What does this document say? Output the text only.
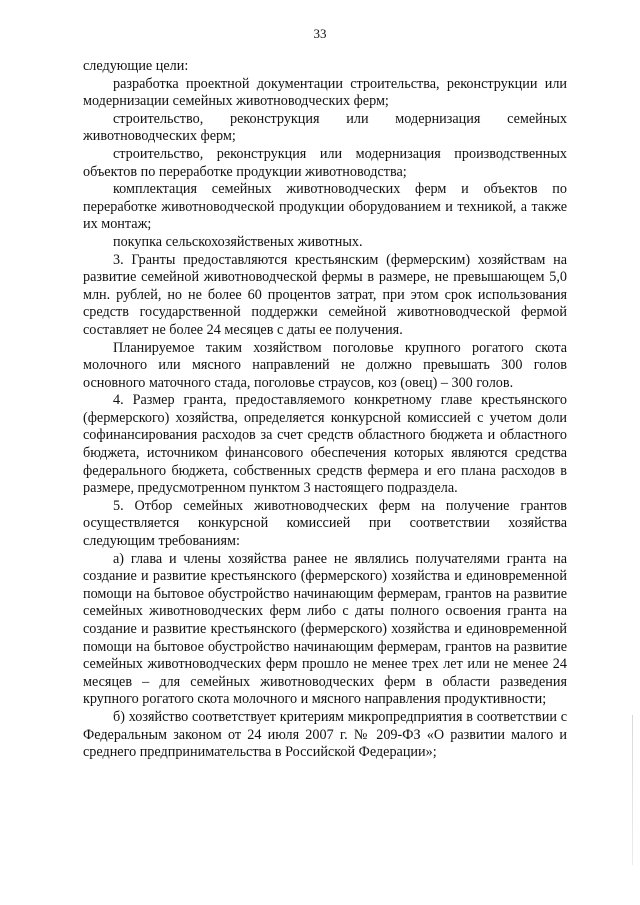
33

следующие цели:

разработка проектной документации строительства, реконструкции или модернизации семейных животноводческих ферм;

строительство, реконструкция или модернизация семейных животноводческих ферм;

строительство, реконструкция или модернизация производственных объектов по переработке продукции животноводства;

комплектация семейных животноводческих ферм и объектов по переработке животноводческой продукции оборудованием и техникой, а также их монтаж;

покупка сельскохозяйственых животных.

3. Гранты предоставляются крестьянским (фермерским) хозяйствам на развитие семейной животноводческой фермы в размере, не превышающем 5,0 млн. рублей, но не более 60 процентов затрат, при этом срок использования средств государственной поддержки семейной животноводческой фермой составляет не более 24 месяцев с даты ее получения.

Планируемое таким хозяйством поголовье крупного рогатого скота молочного или мясного направлений не должно превышать 300 голов основного маточного стада, поголовье страусов, коз (овец) – 300 голов.

4. Размер гранта, предоставляемого конкретному главе крестьянского (фермерского) хозяйства, определяется конкурсной комиссией с учетом доли софинансирования расходов за счет средств областного бюджета и областного бюджета, источником финансового обеспечения которых являются средства федерального бюджета, собственных средств фермера и его плана расходов в размере, предусмотренном пунктом 3 настоящего подраздела.

5. Отбор семейных животноводческих ферм на получение грантов осуществляется конкурсной комиссией при соответствии хозяйства следующим требованиям:

а) глава и члены хозяйства ранее не являлись получателями гранта на создание и развитие крестьянского (фермерского) хозяйства и единовременной помощи на бытовое обустройство начинающим фермерам, грантов на развитие семейных животноводческих ферм либо с даты полного освоения гранта на создание и развитие крестьянского (фермерского) хозяйства и единовременной помощи на бытовое обустройство начинающим фермерам, грантов на развитие семейных животноводческих ферм прошло не менее трех лет или не менее 24 месяцев – для семейных животноводческих ферм в области разведения крупного рогатого скота молочного и мясного направления продуктивности;

б) хозяйство соответствует критериям микропредприятия в соответствии с Федеральным законом от 24 июля 2007 г. № 209-ФЗ «О развитии малого и среднего предпринимательства в Российской Федерации»;
